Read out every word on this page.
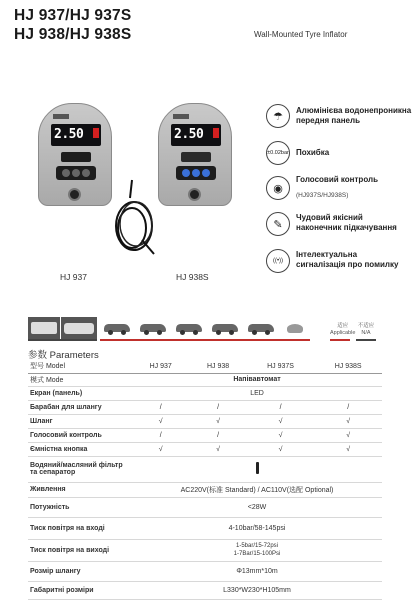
HJ 937/HJ 937S
HJ 938/HJ 938S	Wall-Mounted Tyre Inflator
2.50
HJ 937
2.50
HJ 938S
☂ Алюмінієва водонепроникна
передня панель
±0.02bar Похибка
◉
Голосовий контроль
(HJ937S/HJ938S)
✎
Чудовий якісний
наконечник підкачування
((•))
Інтелектуальна
сигналізація про помилку
适应
Applicable
不适应
N/A
参数 Parameters
型号 Model	HJ 937	HJ 938	HJ 937S	HJ 938S
模式 Mode	Напівавтомат			
Екран (панель)	LED			
Барабан для шлангу	/	/	/	/
Шланг	√	√	√	√
Голосовий контроль	/	/	√	√
Ємністна кнопка	√	√	√	√
Водяний/масляний фільтр та сепаратор				
Живлення	AC220V(标准 Standard) / AC110V(选配 Optional)			
Потужність	<28W			
Тиск повітря на вході	4-10bar/58-145psi			
Тиск повітря на виході	1-5bar/15-72psi
1-7Bar/15-100Psi			

Розмір шлангу	Φ13mm*10m			
Габаритні розміри	L330*W230*H105mm			
